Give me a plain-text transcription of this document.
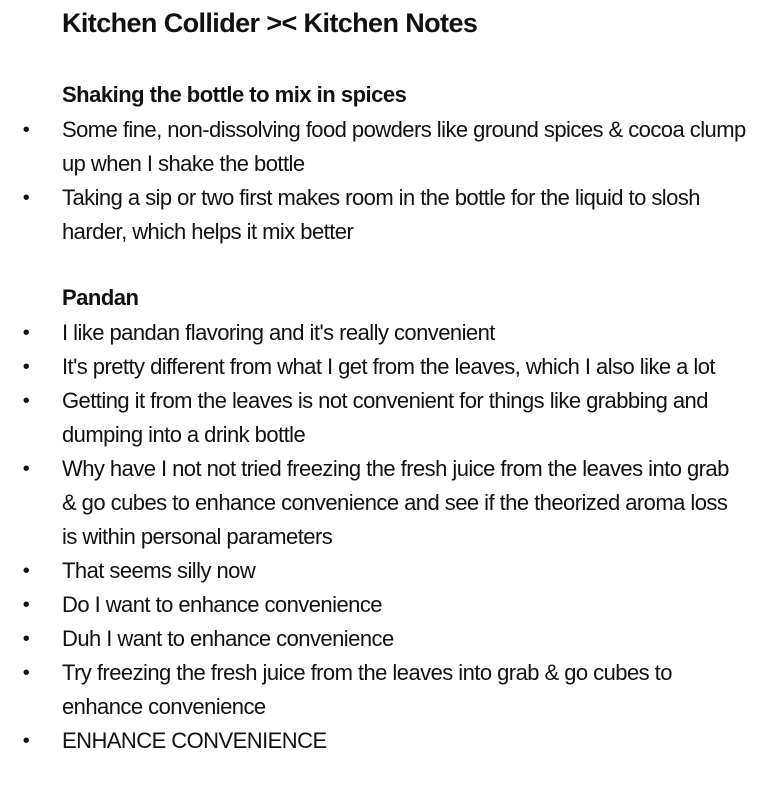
Kitchen Collider >< Kitchen Notes
Shaking the bottle to mix in spices
• Some fine, non-dissolving food powders like ground spices & cocoa clump up when I shake the bottle
• Taking a sip or two first makes room in the bottle for the liquid to slosh harder, which helps it mix better
Pandan
• I like pandan flavoring and it's really convenient
• It's pretty different from what I get from the leaves, which I also like a lot
• Getting it from the leaves is not convenient for things like grabbing and dumping into a drink bottle
• Why have I not not tried freezing the fresh juice from the leaves into grab & go cubes to enhance convenience and see if the theorized aroma loss is within personal parameters
• That seems silly now
• Do I want to enhance convenience
• Duh I want to enhance convenience
• Try freezing the fresh juice from the leaves into grab & go cubes to enhance convenience
• ENHANCE CONVENIENCE
